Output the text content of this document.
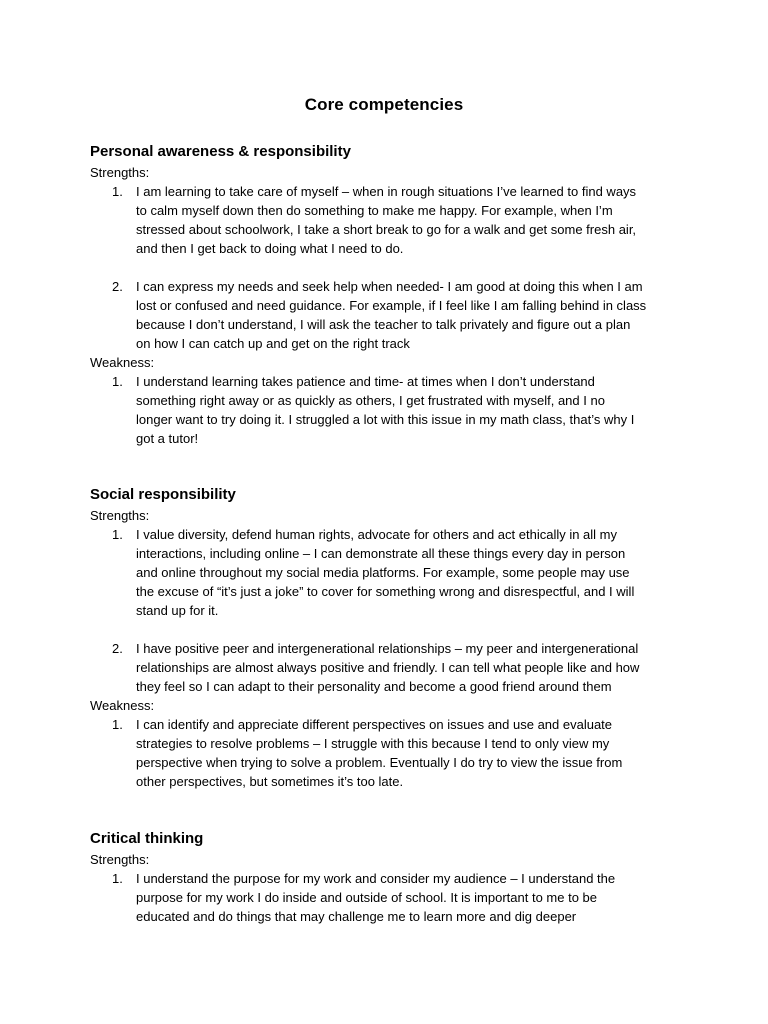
Core competencies
Personal awareness & responsibility
Strengths:
1.	I am learning to take care of myself – when in rough situations I’ve learned to find ways
to calm myself down then do something to make me happy. For example, when I’m
stressed about schoolwork, I take a short break to go for a walk and get some fresh air,
and then I get back to doing what I need to do.
2.	I can express my needs and seek help when needed- I am good at doing this when I am
lost or confused and need guidance. For example, if I feel like I am falling behind in class
because I don’t understand, I will ask the teacher to talk privately and figure out a plan
on how I can catch up and get on the right track
Weakness:
1.	I understand learning takes patience and time- at times when I don’t understand
something right away or as quickly as others, I get frustrated with myself, and I no
longer want to try doing it. I struggled a lot with this issue in my math class, that’s why I
got a tutor!
Social responsibility
Strengths:
1.	I value diversity, defend human rights, advocate for others and act ethically in all my
interactions, including online – I can demonstrate all these things every day in person
and online throughout my social media platforms. For example, some people may use
the excuse of “it’s just a joke” to cover for something wrong and disrespectful, and I will
stand up for it.
2.	I have positive peer and intergenerational relationships – my peer and intergenerational
relationships are almost always positive and friendly. I can tell what people like and how
they feel so I can adapt to their personality and become a good friend around them
Weakness:
1.	I can identify and appreciate different perspectives on issues and use and evaluate
strategies to resolve problems – I struggle with this because I tend to only view my
perspective when trying to solve a problem. Eventually I do try to view the issue from
other perspectives, but sometimes it’s too late.
Critical thinking
Strengths:
1.	I understand the purpose for my work and consider my audience – I understand the
purpose for my work I do inside and outside of school. It is important to me to be
educated and do things that may challenge me to learn more and dig deeper
